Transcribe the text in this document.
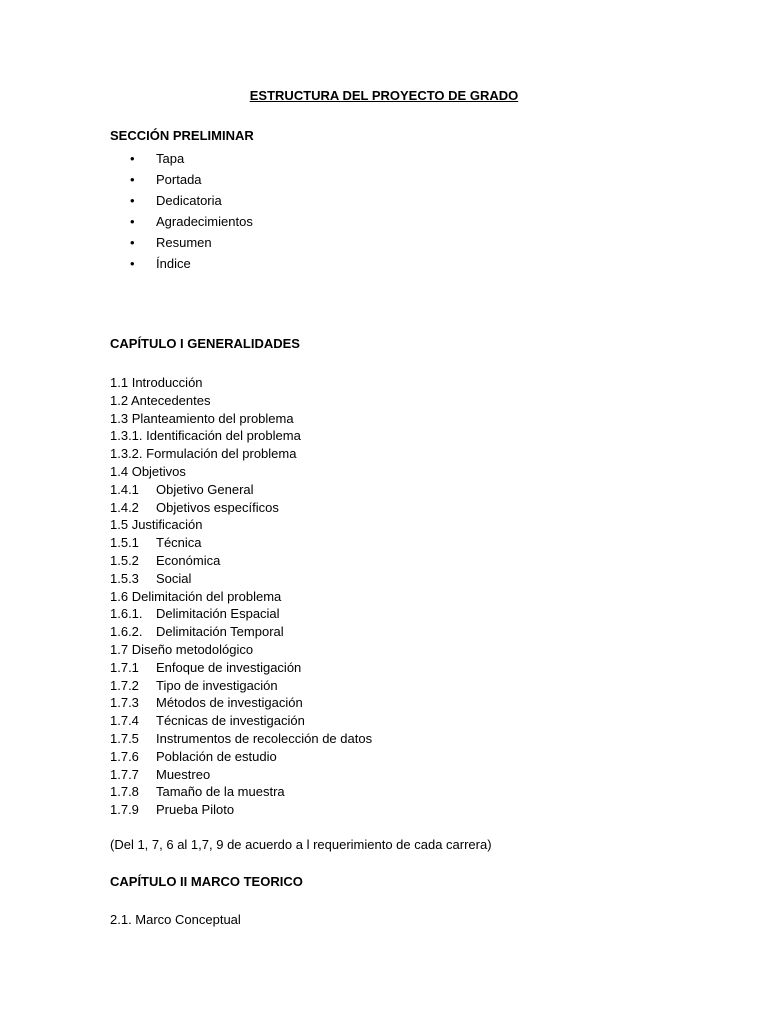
ESTRUCTURA DEL PROYECTO DE GRADO
SECCIÓN PRELIMINAR
• Tapa
• Portada
• Dedicatoria
• Agradecimientos
• Resumen
• Índice
CAPÍTULO I GENERALIDADES
1.1 Introducción
1.2 Antecedentes
1.3 Planteamiento del problema
1.3.1. Identificación del problema
1.3.2. Formulación del problema
1.4 Objetivos
1.4.1 Objetivo General
1.4.2 Objetivos específicos
1.5 Justificación
1.5.1 Técnica
1.5.2 Económica
1.5.3 Social
1.6 Delimitación del problema
1.6.1. Delimitación Espacial
1.6.2. Delimitación Temporal
1.7 Diseño metodológico
1.7.1 Enfoque de investigación
1.7.2 Tipo de investigación
1.7.3 Métodos de investigación
1.7.4 Técnicas de investigación
1.7.5 Instrumentos de recolección de datos
1.7.6 Población de estudio
1.7.7 Muestreo
1.7.8 Tamaño de la muestra
1.7.9 Prueba Piloto

(Del 1, 7, 6 al 1,7, 9 de acuerdo a l requerimiento de cada carrera)

CAPÍTULO II MARCO TEORICO

2.1. Marco Conceptual
